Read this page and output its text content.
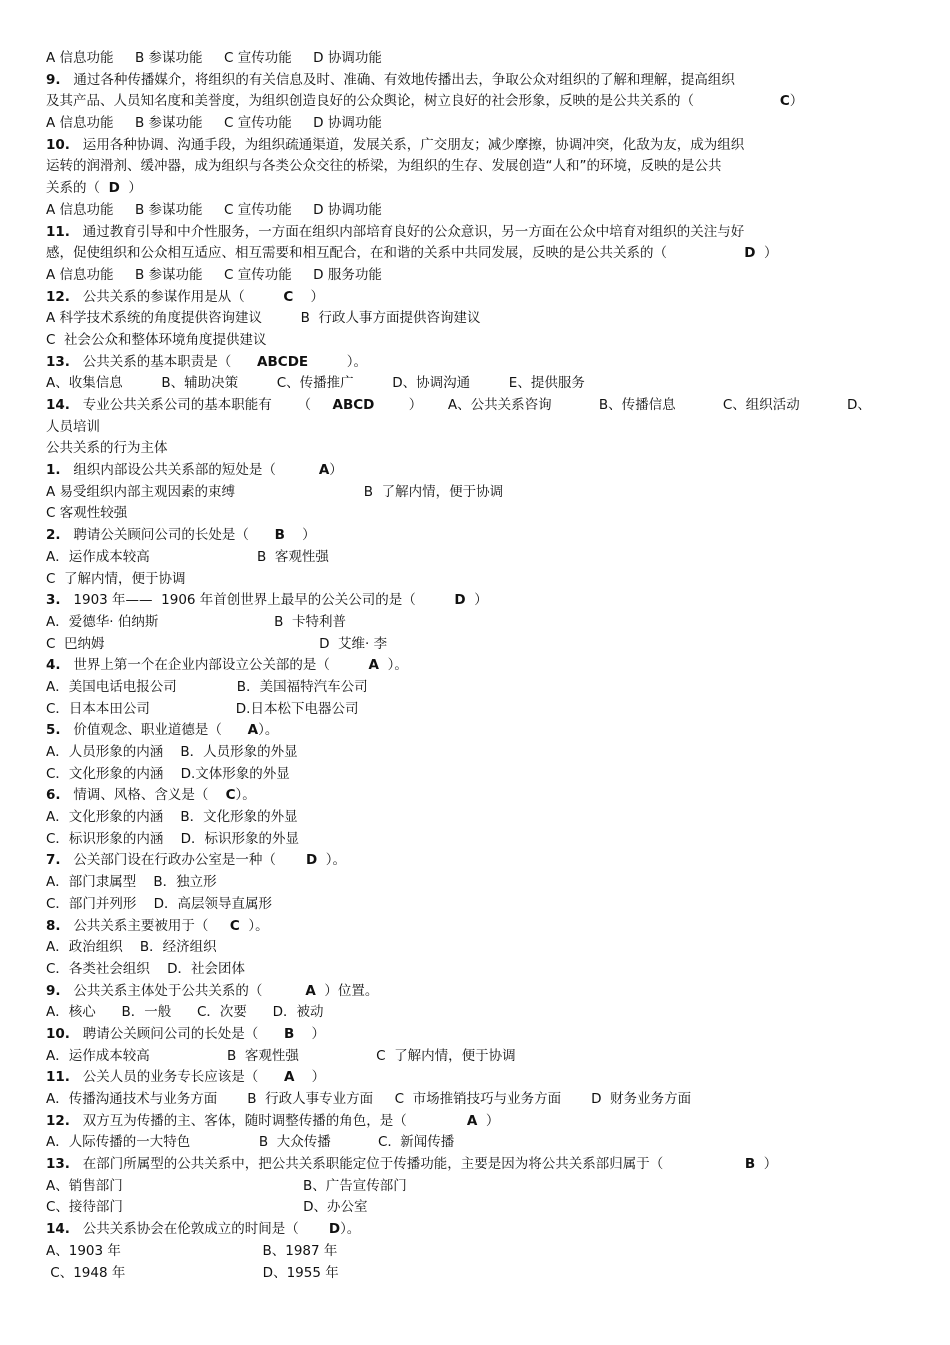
A 信息功能     B 参谋功能     C 宣传功能     D 协调功能
9.   通过各种传播媒介，将组织的有关信息及时、准确、有效地传播出去，争取公众对组织的了解和理解，提高组织
及其产品、人员知名度和美誉度，为组织创造良好的公众舆论，树立良好的社会形象，反映的是公共关系的（                    C）
A 信息功能     B 参谋功能     C 宣传功能     D 协调功能
10.   运用各种协调、沟通手段，为组织疏通渠道，发展关系，广交朋友；减少摩擦，协调冲突，化敌为友，成为组织
运转的润滑剂、缓冲器，成为组织与各类公众交往的桥梁，为组织的生存、发展创造“人和”的环境，反映的是公共
关系的（  D  ）
A 信息功能     B 参谋功能     C 宣传功能     D 协调功能
11.   通过教育引导和中介性服务，一方面在组织内部培育良好的公众意识，另一方面在公众中培育对组织的关注与好
感，促使组织和公众相互适应、相互需要和相互配合，在和谐的关系中共同发展，反映的是公共关系的（                  D  ）
A 信息功能     B 参谋功能     C 宣传功能     D 服务功能
12.   公共关系的参谋作用是从（         C    ）
A 科学技术系统的角度提供咨询建议         B  行政人事方面提供咨询建议
C  社会公众和整体环境角度提供建议
13.   公共关系的基本职责是（      ABCDE         ）。
A、收集信息         B、辅助决策         C、传播推广         D、协调沟通         E、提供服务
14.   专业公共关系公司的基本职能有      （     ABCD        ）      A、公共关系咨询           B、传播信息           C、组织活动           D、
人员培训
公共关系的行为主体
1.   组织内部设公共关系部的短处是（          A）
A 易受组织内部主观因素的束缚                              B  了解内情，便于协调
C 客观性较强
2.   聘请公关顾问公司的长处是（      B    ）
A．运作成本较高                         B  客观性强
C  了解内情，便于协调
3.   1903 年——  1906 年首创世界上最早的公关公司的是（         D  ）
A．爱德华· 伯纳斯                           B  卡特利普
C  巴纳姆                                                  D  艾维· 李
4.   世界上第一个在企业内部设立公关部的是（         A  ）。
A．美国电话电报公司              B．美国福特汽车公司
C．日本本田公司                    D.日本松下电器公司
5.   价值观念、职业道德是（      A）。
A．人员形象的内涵    B．人员形象的外显
C．文化形象的内涵    D.文体形象的外显
6.   情调、风格、含义是（    C）。
A．文化形象的内涵    B．文化形象的外显
C．标识形象的内涵    D．标识形象的外显
7.   公关部门设在行政办公室是一种（       D  ）。
A．部门隶属型    B．独立形
C．部门并列形    D．高层领导直属形
8.   公共关系主要被用于（     C  ）。
A．政治组织    B．经济组织
C．各类社会组织    D．社会团体
9.   公共关系主体处于公共关系的（          A  ）位置。
A．核心      B．一般      C．次要      D．被动
10.   聘请公关顾问公司的长处是（      B    ）
A．运作成本较高                  B  客观性强                  C  了解内情，便于协调
11.   公关人员的业务专长应该是（      A    ）
A．传播沟通技术与业务方面       B  行政人事专业方面     C  市场推销技巧与业务方面       D  财务业务方面
12.   双方互为传播的主、客体，随时调整传播的角色，是（              A  ）
A．人际传播的一大特色                B  大众传播           C.  新闻传播
13.   在部门所属型的公共关系中，把公共关系职能定位于传播功能，主要是因为将公共关系部归属于（                   B  ）
A、销售部门                                          B、广告宣传部门
C、接待部门                                          D、办公室
14.   公共关系协会在伦敦成立的时间是（       D）。
A、1903 年                                 B、1987 年
C、1948 年                                D、1955 年
